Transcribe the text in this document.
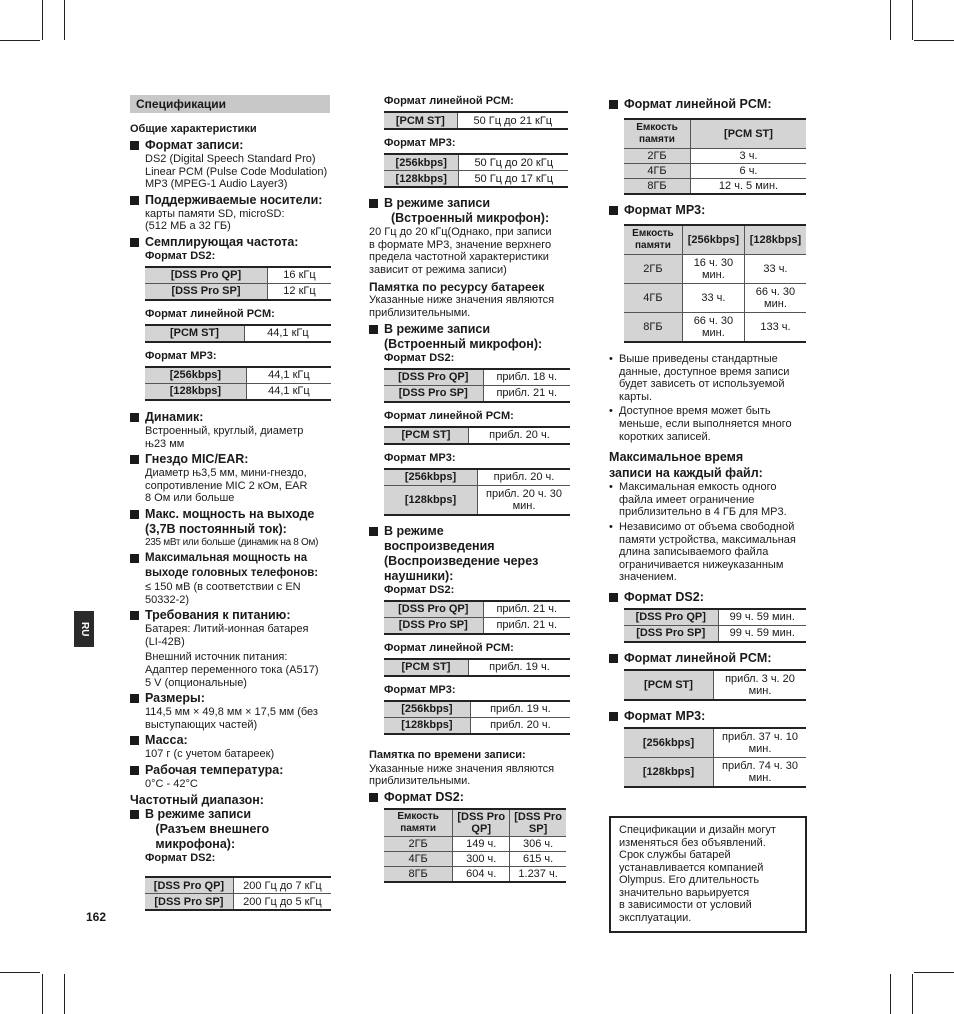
RU
162
Спецификации
Общие характеристики
Формат записи:
DS2 (Digital Speech Standard Pro)
Linear PCM (Pulse Code Modulation)
MP3 (MPEG-1 Audio Layer3)
Поддерживаемые носители:
карты памяти SD, microSD:
(512 МБ а 32 ГБ)
Семплирующая частота:
Формат DS2:
[DSS Pro QP]	16 кГц
[DSS Pro SP]	12 кГц
Формат линейной PCM:
[PCM ST]	44,1 кГц
Формат MP3:
[256kbps]	44,1 кГц
[128kbps]	44,1 кГц
Динамик:
Встроенный, круглый, диаметр
њ23 мм
Гнездо MIC/EAR:
Диаметр њ3,5 мм, мини-гнездо,
сопротивление MIC 2 кОм, EAR
8 Ом или больше
Макс. мощность на выходе
(3,7В постоянный ток):
235 мВт или больше (динамик на 8 Ом)
Максимальная мощность на
выходе головных телефонов:
≤ 150 мВ (в соответствии с EN
50332-2)
Требования к питанию:
Батарея: Литий-ионная батарея
(LI-42B)
Внешний источник питания:
Адаптер переменного тока (A517)
5 V (опциональные)
Размеры:
114,5 мм × 49,8 мм × 17,5 мм (без
выступающих частей)
Масса:
107 г (с учетом батареек)
Рабочая температура:
0°C - 42°C
Частотный диапазон:
В режиме записи
(Разъем внешнего
микрофона):
Формат DS2:
[DSS Pro QP]	200 Гц до 7 кГц
[DSS Pro SP]	200 Гц до 5 кГц
Формат линейной PCM:
[PCM ST]	50 Гц до 21 кГц
Формат MP3:
[256kbps]	50 Гц до 20 кГц
[128kbps]	50 Гц до 17 кГц
В режиме записи
(Встроенный микрофон):
20 Гц до 20 кГц(Однако, при записи
в формате MP3, значение верхнего
предела частотной характеристики
зависит от режима записи)
Памятка по ресурсу батареек
Указанные ниже значения являются
приблизительными.
В режиме записи
(Встроенный микрофон):
Формат DS2:
[DSS Pro QP]	прибл. 18 ч.
[DSS Pro SP]	прибл. 21 ч.
Формат линейной PCM:
[PCM ST]	прибл. 20 ч.
Формат MP3:
[256kbps]	прибл. 20 ч.
[128kbps]	прибл. 20 ч. 30 мин.
В режиме
воспроизведения
(Воспроизведение через
наушники):
Формат DS2:
[DSS Pro QP]	прибл. 21 ч.
[DSS Pro SP]	прибл. 21 ч.
Формат линейной PCM:
[PCM ST]	прибл. 19 ч.
Формат MP3:
[256kbps]	прибл. 19 ч.
[128kbps]	прибл. 20 ч.
Памятка по времени записи:
Указанные ниже значения являются
приблизительными.
Формат DS2:
Емкость памяти	[DSS Pro QP]	[DSS Pro SP]
2ГБ	149 ч.	306 ч.
4ГБ	300 ч.	615 ч.
8ГБ	604 ч.	1.237 ч.
Формат линейной PCM:
Емкость памяти	[PCM ST]
2ГБ	3 ч.
4ГБ	6 ч.
8ГБ	12 ч. 5 мин.
Формат MP3:
Емкость памяти	[256kbps]	[128kbps]
2ГБ	16 ч. 30 мин.	33 ч.
4ГБ	33 ч.	66 ч. 30 мин.
8ГБ	66 ч. 30 мин.	133 ч.
• Выше приведены стандартные данные, доступное время записи будет зависеть от используемой карты.
• Доступное время может быть меньше, если выполняется много коротких записей.
Максимальное время
записи на каждый файл:
• Максимальная емкость одного файла имеет ограничение приблизительно в 4 ГБ для MP3.
• Независимо от объема свободной памяти устройства, максимальная длина записываемого файла ограничивается нижеуказанным значением.
Формат DS2:
[DSS Pro QP]	99 ч. 59 мин.
[DSS Pro SP]	99 ч. 59 мин.
Формат линейной PCM:
[PCM ST]	прибл. 3 ч. 20 мин.
Формат MP3:
[256kbps]	прибл. 37 ч. 10 мин.
[128kbps]	прибл. 74 ч. 30 мин.
Спецификации и дизайн могут
изменяться без объявлений.
Срок службы батарей
устанавливается компанией
Olympus. Его длительность
значительно варьируется
в зависимости от условий
эксплуатации.
